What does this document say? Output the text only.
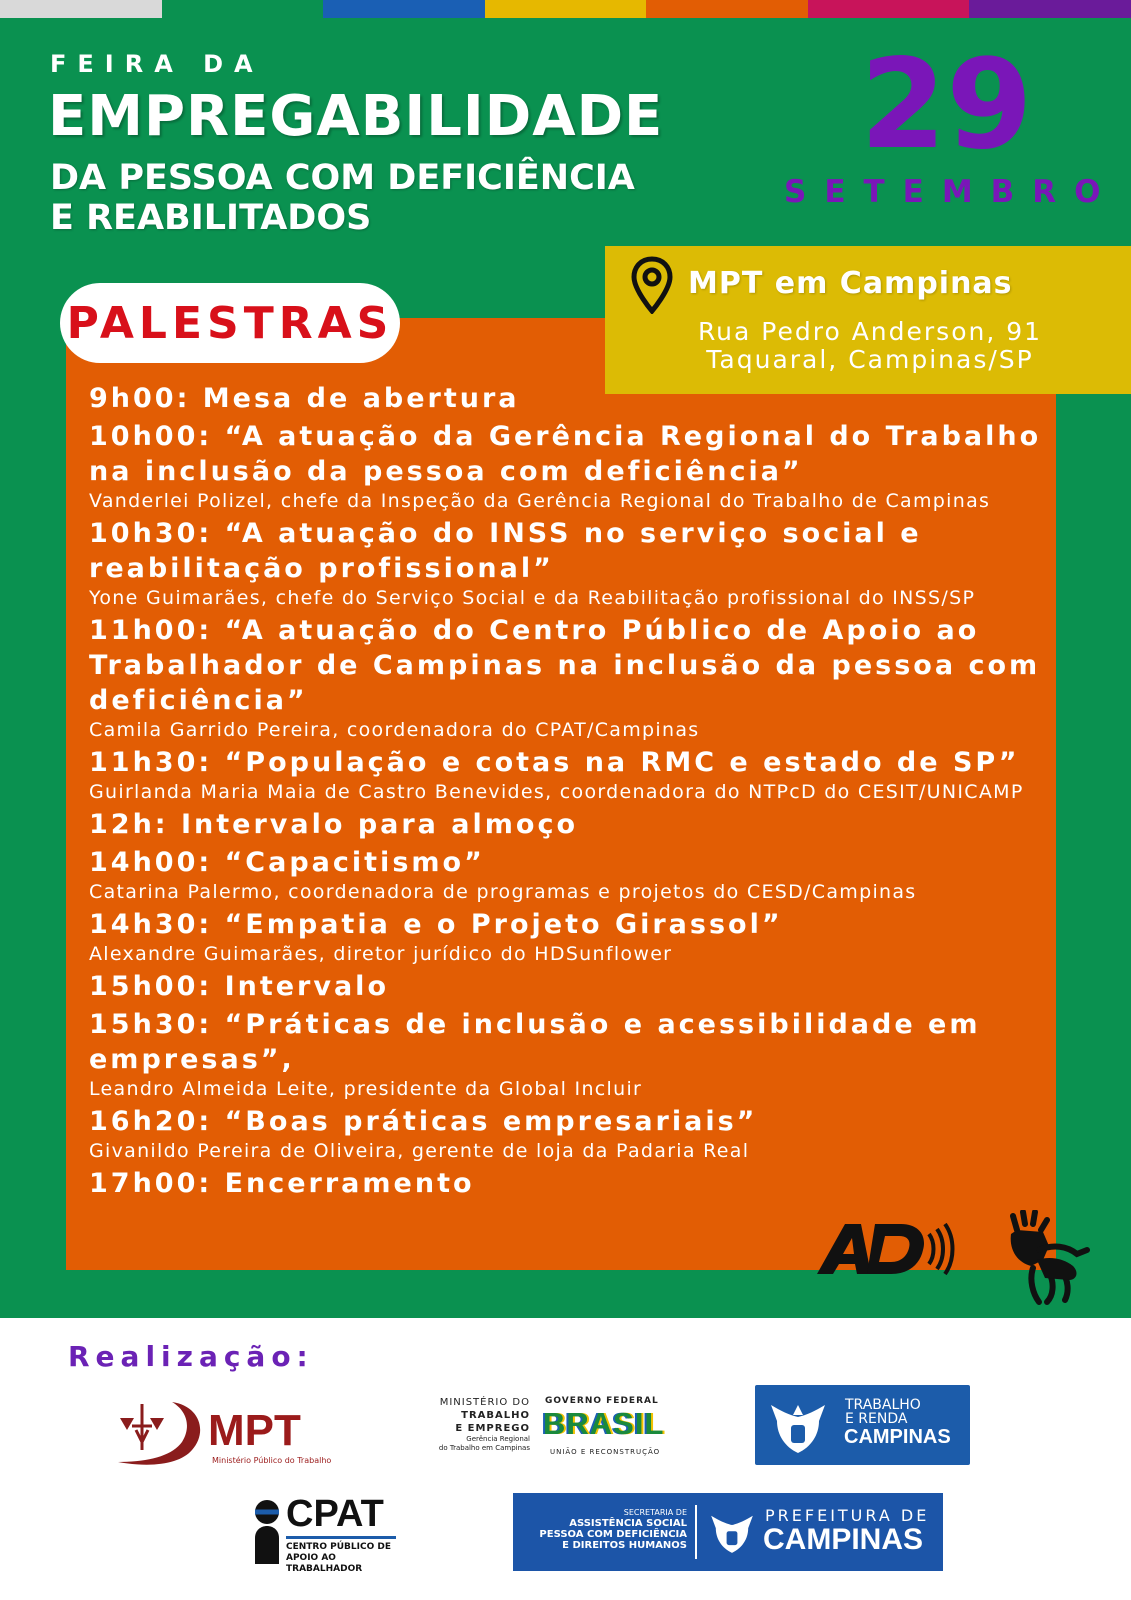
FEIRA DA
EMPREGABILIDADE
DA PESSOA COM DEFICIÊNCIA
E REABILITADOS
29
SETEMBRO
MPT em Campinas
Rua Pedro Anderson, 91
Taquaral, Campinas/SP
PALESTRAS
9h00: Mesa de abertura
10h00: “A atuação da Gerência Regional do Trabalho na inclusão da pessoa com deficiência”
Vanderlei Polizel, chefe da Inspeção da Gerência Regional do Trabalho de Campinas
10h30: “A atuação do INSS no serviço social e reabilitação profissional”
Yone Guimarães, chefe do Serviço Social e da Reabilitação profissional do INSS/SP
11h00: “A atuação do Centro Público de Apoio ao Trabalhador de Campinas na inclusão da pessoa com deficiência”
Camila Garrido Pereira, coordenadora do CPAT/Campinas
11h30: “População e cotas na RMC e estado de SP”
Guirlanda Maria Maia de Castro Benevides, coordenadora do NTPcD do CESIT/UNICAMP
12h: Intervalo para almoço
14h00: “Capacitismo”
Catarina Palermo, coordenadora de programas e projetos do CESD/Campinas
14h30: “Empatia e o Projeto Girassol”
Alexandre Guimarães, diretor jurídico do HDSunflower
15h00: Intervalo
15h30: “Práticas de inclusão e acessibilidade em empresas”,
Leandro Almeida Leite, presidente da Global Incluir
16h20: “Boas práticas empresariais”
Givanildo Pereira de Oliveira, gerente de loja da Padaria Real
17h00: Encerramento
Realização:
MPT
Ministério Público do Trabalho
MINISTÉRIO DO
TRABALHO
E EMPREGO
Gerência Regional
do Trabalho em Campinas
GOVERNO FEDERAL
BRASIL
UNIÃO E RECONSTRUÇÃO
TRABALHO
E RENDA
CAMPINAS
CPAT
CENTRO PÚBLICO DE
APOIO AO TRABALHADOR
SECRETARIA DE
ASSISTÊNCIA SOCIAL
PESSOA COM DEFICIÊNCIA
E DIREITOS HUMANOS
PREFEITURA DE
CAMPINAS
